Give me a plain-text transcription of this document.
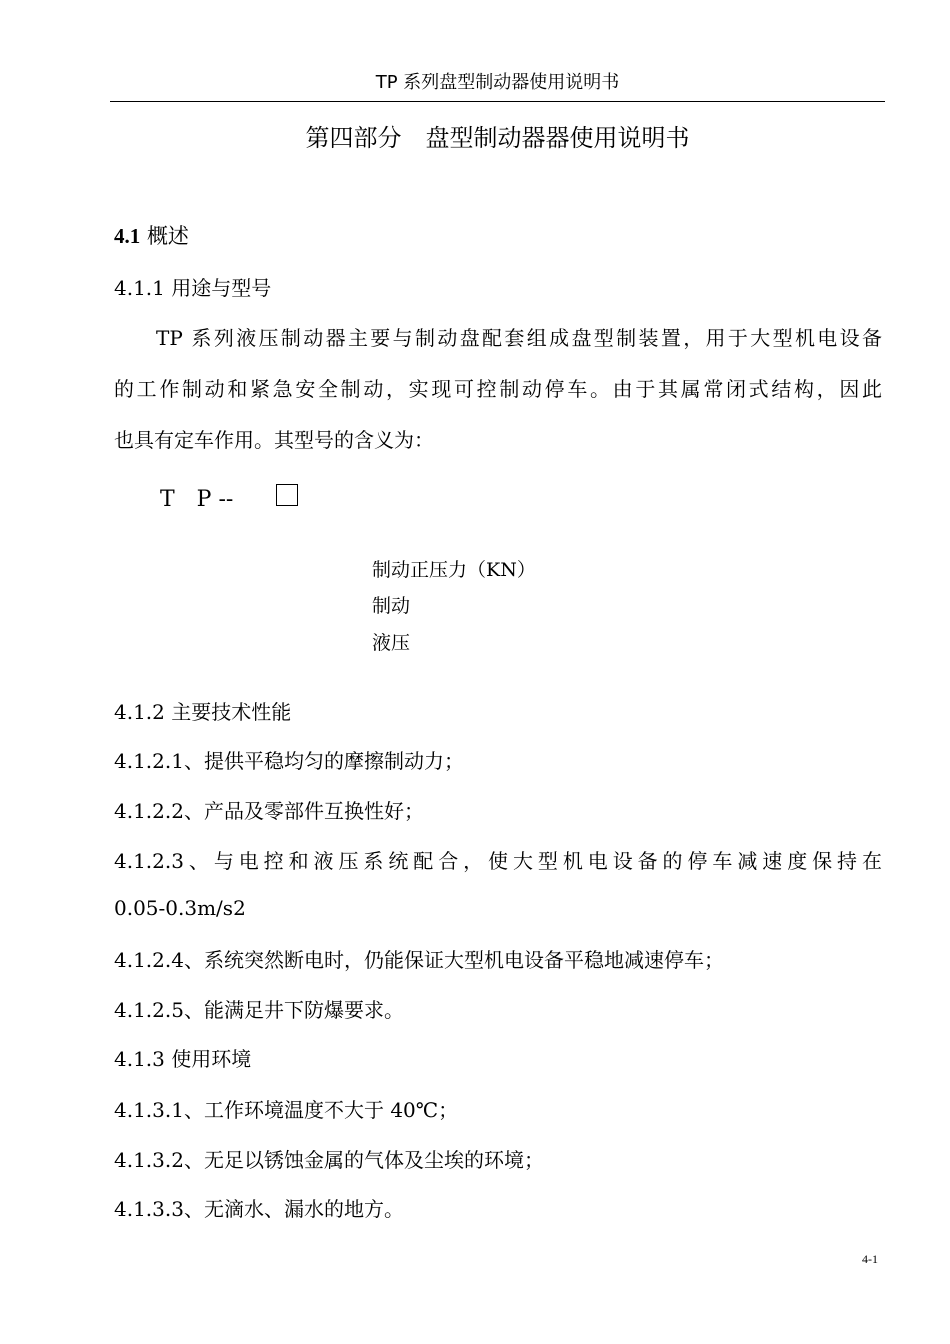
TP 系列盘型制动器使用说明书
第四部分　盘型制动器器使用说明书
4.1 概述
4.1.1 用途与型号
TP 系列液压制动器主要与制动盘配套组成盘型制装置，用于大型机电设备
的工作制动和紧急安全制动，实现可控制动停车。由于其属常闭式结构，因此
也具有定车作用。其型号的含义为：
T　P --
制动正压力（KN）
制动
液压
4.1.2 主要技术性能
4.1.2.1、提供平稳均匀的摩擦制动力；
4.1.2.2、产品及零部件互换性好；
4.1.2.3、与电控和液压系统配合，使大型机电设备的停车减速度保持在
0.05-0.3m/s2
4.1.2.4、系统突然断电时，仍能保证大型机电设备平稳地减速停车；
4.1.2.5、能满足井下防爆要求。
4.1.3 使用环境
4.1.3.1、工作环境温度不大于 40℃；
4.1.3.2、无足以锈蚀金属的气体及尘埃的环境；
4.1.3.3、无滴水、漏水的地方。
4-1
